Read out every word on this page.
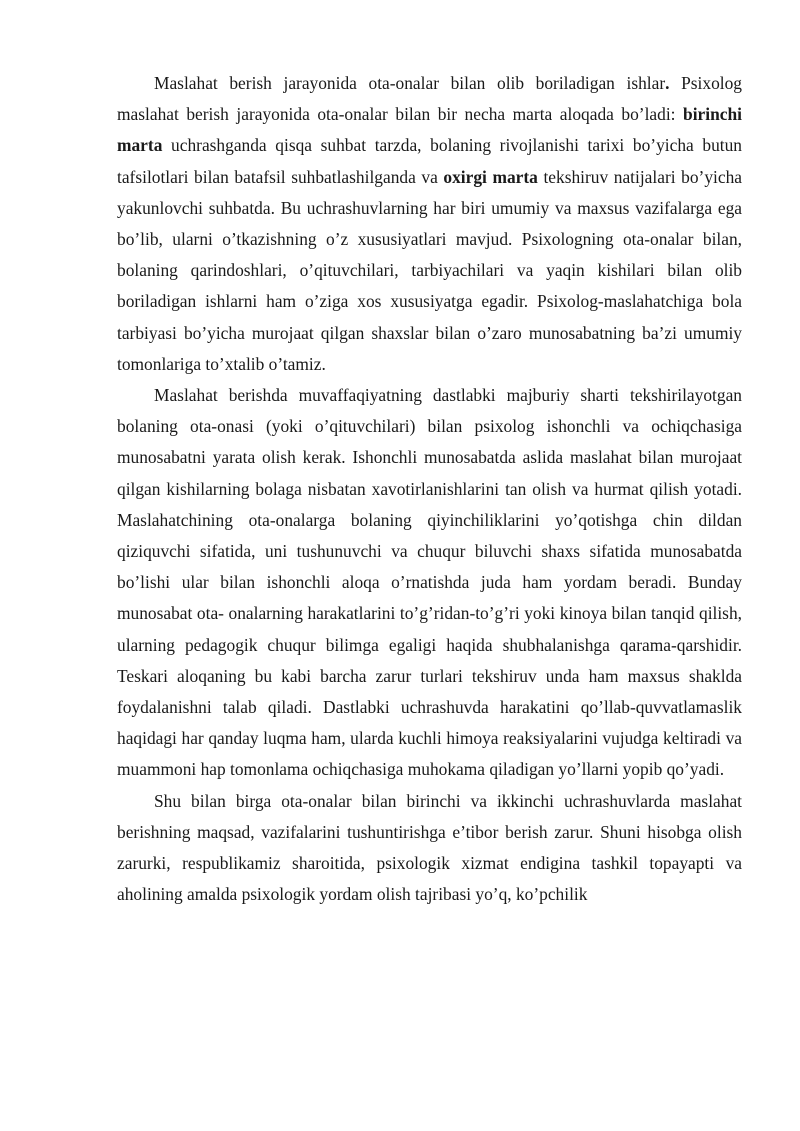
Maslahat berish jarayonida ota-onalar bilan olib boriladigan ishlar. Psixolog maslahat berish jarayonida ota-onalar bilan bir necha marta aloqada bo’ladi: birinchi marta uchrashganda qisqa suhbat tarzda, bolaning rivojlanishi tarixi bo’yicha butun tafsilotlari bilan batafsil suhbatlashilganda va oxirgi marta tekshiruv natijalari bo’yicha yakunlovchi suhbatda. Bu uchrashuvlarning har biri umumiy va maxsus vazifalarga ega bo’lib, ularni o’tkazishning o’z xususiyatlari mavjud. Psixologning ota-onalar bilan, bolaning qarindoshlari, o’qituvchilari, tarbiyachilari va yaqin kishilari bilan olib boriladigan ishlarni ham o’ziga xos xususiyatga egadir. Psixolog-maslahatchiga bola tarbiyasi bo’yicha murojaat qilgan shaxslar bilan o’zaro munosabatning ba’zi umumiy tomonlariga to’xtalib o’tamiz.

Maslahat berishda muvaffaqiyatning dastlabki majburiy sharti tekshirilayotgan bolaning ota-onasi (yoki o’qituvchilari) bilan psixolog ishonchli va ochiqchasiga munosabatni yarata olish kerak. Ishonchli munosabatda aslida maslahat bilan murojaat qilgan kishilarning bolaga nisbatan xavotirlanishlarini tan olish va hurmat qilish yotadi. Maslahatchining ota-onalarga bolaning qiyinchiliklarini yo’qotishga chin dildan qiziquvchi sifatida, uni tushunuvchi va chuqur biluvchi shaxs sifatida munosabatda bo’lishi ular bilan ishonchli aloqa o’rnatishda juda ham yordam beradi. Bunday munosabat ota- onalarning harakatlarini to’g’ridan-to’g’ri yoki kinoya bilan tanqid qilish, ularning pedagogik chuqur bilimga egaligi haqida shubhalanishga qarama-qarshidir. Teskari aloqaning bu kabi barcha zarur turlari tekshiruv unda ham maxsus shaklda foydalanishni talab qiladi. Dastlabki uchrashuvda harakatini qo’llab-quvvatlamaslik haqidagi har qanday luqma ham, ularda kuchli himoya reaksiyalarini vujudga keltiradi va muammoni hap tomonlama ochiqchasiga muhokama qiladigan yo’llarni yopib qo’yadi.

Shu bilan birga ota-onalar bilan birinchi va ikkinchi uchrashuvlarda maslahat berishning maqsad, vazifalarini tushuntirishga e’tibor berish zarur. Shuni hisobga olish zarurki, respublikamiz sharoitida, psixologik xizmat endigina tashkil topayapti va aholining amalda psixologik yordam olish tajribasi yo’q, ko’pchilik
